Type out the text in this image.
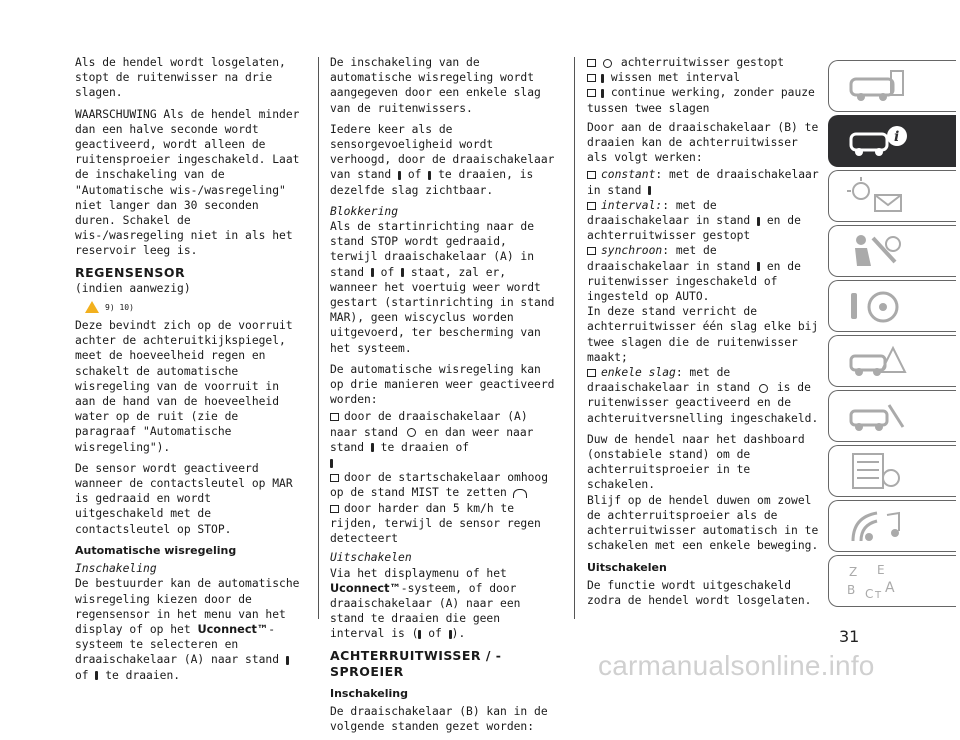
Als de hendel wordt losgelaten, stopt de ruitenwisser na drie slagen.

WAARSCHUWING Als de hendel minder dan een halve seconde wordt geactiveerd, wordt alleen de ruitensproeier ingeschakeld. Laat de inschakeling van de "Automatische wis-/wasregeling" niet langer dan 30 seconden duren. Schakel de wis-/wasregeling niet in als het reservoir leeg is.

REGENSENSOR
(indien aanwezig)
9) 10)

Deze bevindt zich op de voorruit achter de achteruitkijkspiegel, meet de hoeveelheid regen en schakelt de automatische wisregeling van de voorruit in aan de hand van de hoeveelheid water op de ruit (zie de paragraaf "Automatische wisregeling").

De sensor wordt geactiveerd wanneer de contactsleutel op MAR is gedraaid en wordt uitgeschakeld met de contactsleutel op STOP.

Automatische wisregeling
Inschakeling

De bestuurder kan de automatische wisregeling kiezen door de regensensor in het menu van het display of op het Uconnect™-systeem te selecteren en draaischakelaar (A) naar stand  of te draaien.

De inschakeling van de automatische wisregeling wordt aangegeven door een enkele slag van de ruitenwissers.

Iedere keer als de sensorgevoeligheid wordt verhoogd, door de draaischakelaar van stand of te draaien, is dezelfde slag zichtbaar.

Blokkering

Als de startinrichting naar de stand STOP wordt gedraaid, terwijl draaischakelaar (A) in stand of staat, zal er, wanneer het voertuig weer wordt gestart (startinrichting in stand MAR), geen wiscyclus worden uitgevoerd, ter bescherming van het systeem.

De automatische wisregeling kan op drie manieren weer geactiveerd worden:

door de draaischakelaar (A) naar stand en dan weer naar stand te draaien of

door de startschakelaar omhoog op de stand MIST te zetten
door harder dan 5 km/h te rijden, terwijl de sensor regen detecteert
Uitschakelen

Via het displaymenu of het Uconnect™-systeem, of door draaischakelaar (A) naar een stand te draaien die geen interval is ( of ).

ACHTERRUITWISSER / -SPROEIER
Inschakeling

De draaischakelaar (B) kan in de volgende standen gezet worden:

achterruitwisser gestopt
wissen met interval
continue werking, zonder pauze tussen twee slagen

Door aan de draaischakelaar (B) te draaien kan de achterruitwisser als volgt werken:

constant: met de draaischakelaar in stand
interval:: met de draaischakelaar in stand en de achterruitwisser gestopt
synchroon: met de draaischakelaar in stand en de ruitenwisser ingeschakeld of ingesteld op AUTO.
In deze stand verricht de achterruitwisser één slag elke bij twee slagen die de ruitenwisser maakt;
enkele slag: met de draaischakelaar in stand is de ruitenwisser geactiveerd en de achteruitversnelling ingeschakeld.

Duw de hendel naar het dashboard (onstabiele stand) om de achterruitsproeier in te schakelen.

Blijf op de hendel duwen om zowel de achterruitsproeier als de achterruitwisser automatisch in te schakelen met een enkele beweging.

Uitschakelen

De functie wordt uitgeschakeld zodra de hendel wordt losgelaten.

i
Z E
B C A
T
31
carmanualsonline.info
